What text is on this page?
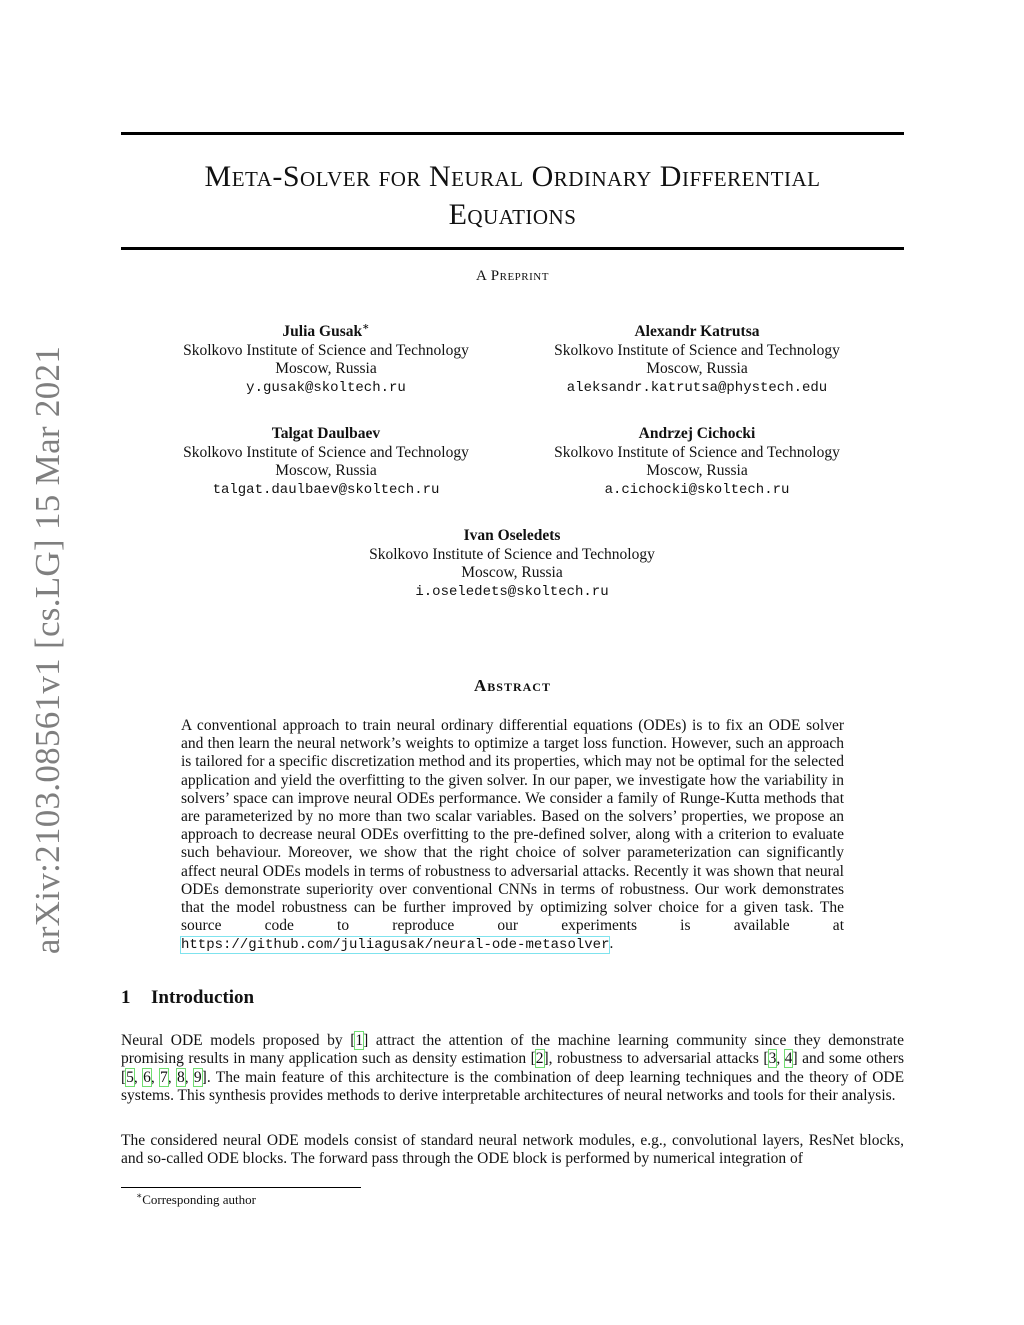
arXiv:2103.08561v1 [cs.LG] 15 Mar 2021
Meta-Solver for Neural Ordinary Differential
Equations
A Preprint
Julia Gusak∗
Skolkovo Institute of Science and Technology
Moscow, Russia
y.gusak@skoltech.ru
Alexandr Katrutsa
Skolkovo Institute of Science and Technology
Moscow, Russia
aleksandr.katrutsa@phystech.edu
Talgat Daulbaev
Skolkovo Institute of Science and Technology
Moscow, Russia
talgat.daulbaev@skoltech.ru
Andrzej Cichocki
Skolkovo Institute of Science and Technology
Moscow, Russia
a.cichocki@skoltech.ru
Ivan Oseledets
Skolkovo Institute of Science and Technology
Moscow, Russia
i.oseledets@skoltech.ru
Abstract
A conventional approach to train neural ordinary differential equations (ODEs) is to fix an ODE solver and then learn the neural network’s weights to optimize a target loss function. However, such an approach is tailored for a specific discretization method and its properties, which may not be optimal for the selected application and yield the overfitting to the given solver. In our paper, we investigate how the variability in solvers’ space can improve neural ODEs performance. We consider a family of Runge-Kutta methods that are parameterized by no more than two scalar variables. Based on the solvers’ properties, we propose an approach to decrease neural ODEs overfitting to the pre-defined solver, along with a criterion to evaluate such behaviour. Moreover, we show that the right choice of solver parameterization can significantly affect neural ODEs models in terms of robustness to adversarial attacks. Recently it was shown that neural ODEs demonstrate superiority over conventional CNNs in terms of robustness. Our work demonstrates that the model robustness can be further improved by optimizing solver choice for a given task. The source code to reproduce our experiments is available at https://github.com/juliagusak/neural-ode-metasolver.
1 Introduction

Neural ODE models proposed by [1] attract the attention of the machine learning community since they demonstrate promising results in many application such as density estimation [2], robustness to adversarial attacks [3, 4] and some others [5, 6, 7, 8, 9]. The main feature of this architecture is the combination of deep learning techniques and the theory of ODE systems. This synthesis provides methods to derive interpretable architectures of neural networks and tools for their analysis.

The considered neural ODE models consist of standard neural network modules, e.g., convolutional layers, ResNet blocks, and so-called ODE blocks. The forward pass through the ODE block is performed by numerical integration of

∗Corresponding author
